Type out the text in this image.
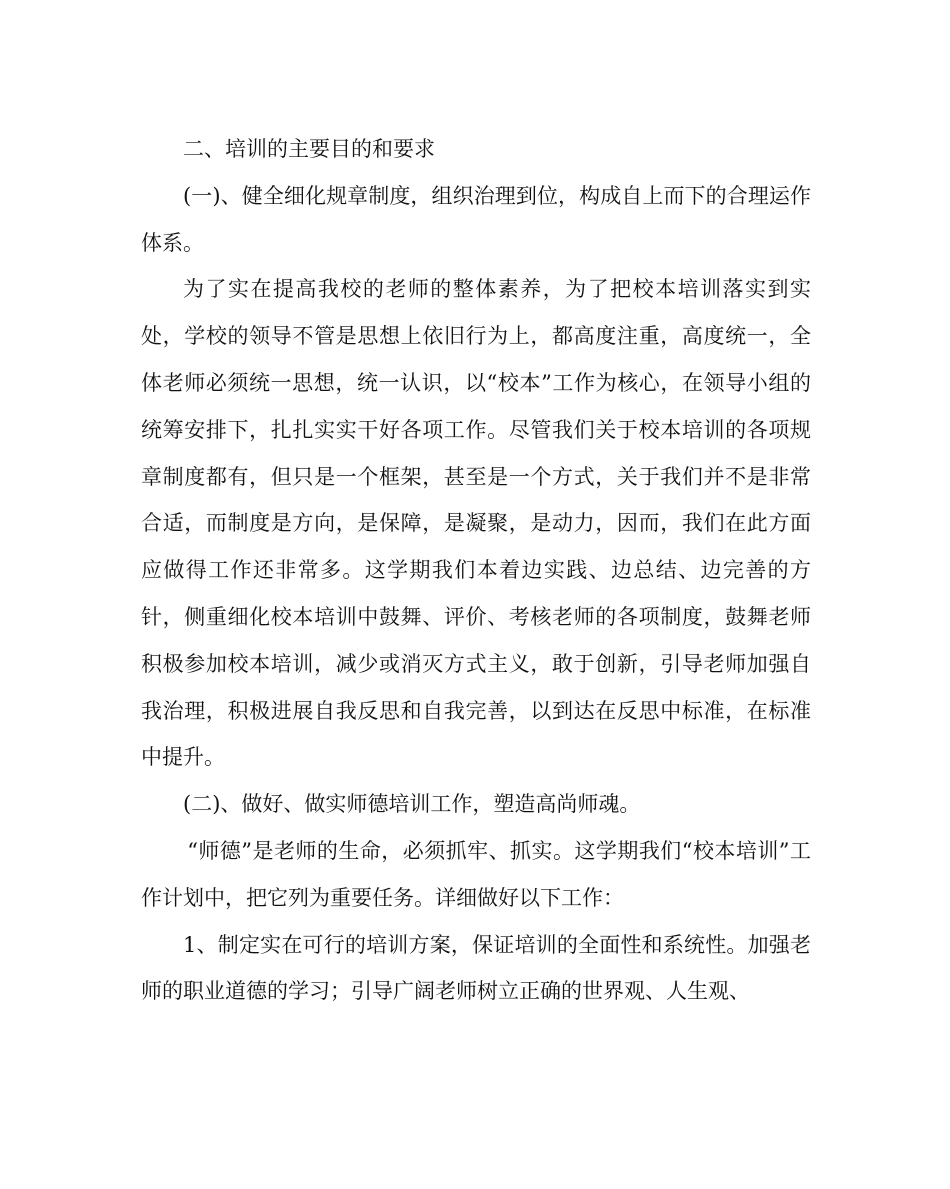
二、培训的主要目的和要求

(一)、健全细化规章制度，组织治理到位，构成自上而下的合理运作体系。

为了实在提高我校的老师的整体素养，为了把校本培训落实到实处，学校的领导不管是思想上依旧行为上，都高度注重，高度统一，全体老师必须统一思想，统一认识，以“校本”工作为核心，在领导小组的统筹安排下，扎扎实实干好各项工作。尽管我们关于校本培训的各项规章制度都有，但只是一个框架，甚至是一个方式，关于我们并不是非常合适，而制度是方向，是保障，是凝聚，是动力，因而，我们在此方面应做得工作还非常多。这学期我们本着边实践、边总结、边完善的方针，侧重细化校本培训中鼓舞、评价、考核老师的各项制度，鼓舞老师积极参加校本培训，减少或消灭方式主义，敢于创新，引导老师加强自我治理，积极进展自我反思和自我完善，以到达在反思中标准，在标准中提升。

(二)、做好、做实师德培训工作，塑造高尚师魂。

“师德”是老师的生命，必须抓牢、抓实。这学期我们“校本培训”工作计划中，把它列为重要任务。详细做好以下工作：

1、制定实在可行的培训方案，保证培训的全面性和系统性。加强老师的职业道德的学习；引导广阔老师树立正确的世界观、人生观、
